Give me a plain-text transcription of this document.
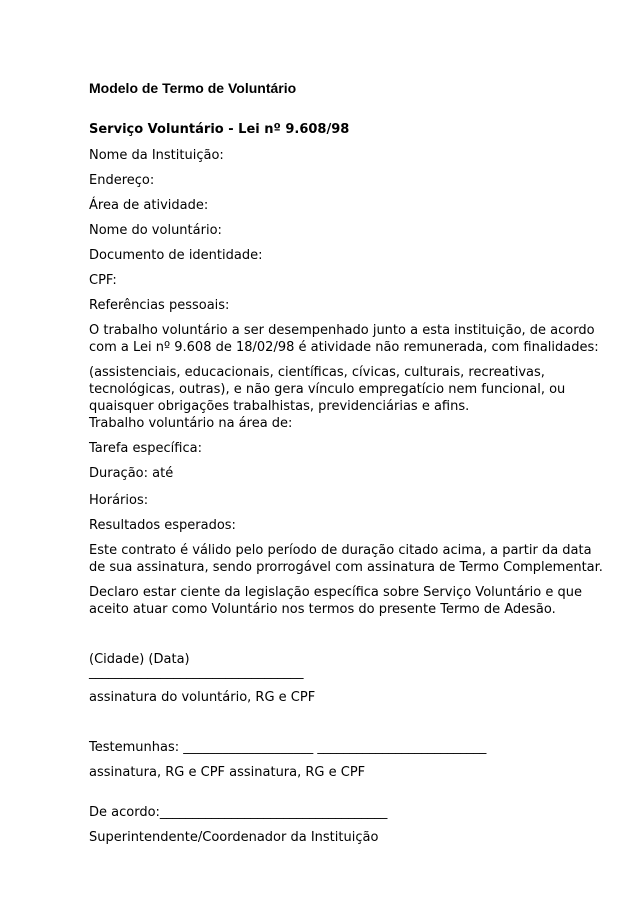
Modelo de Termo de Voluntário
Serviço Voluntário - Lei nº 9.608/98
Nome da Instituição:
Endereço:
Área de atividade:
Nome do voluntário:
Documento de identidade:
CPF:
Referências pessoais:
O trabalho voluntário a ser desempenhado junto a esta instituição, de acordo
com a Lei nº 9.608 de 18/02/98 é atividade não remunerada, com finalidades:
(assistenciais, educacionais, científicas, cívicas, culturais, recreativas,
tecnológicas, outras), e não gera vínculo empregatício nem funcional, ou
quaisquer obrigações trabalhistas, previdenciárias e afins.
Trabalho voluntário na área de:
Tarefa específica:
Duração: até
Horários:
Resultados esperados:
Este contrato é válido pelo período de duração citado acima, a partir da data
de sua assinatura, sendo prorrogável com assinatura de Termo Complementar.
Declaro estar ciente da legislação específica sobre Serviço Voluntário e que
aceito atuar como Voluntário nos termos do presente Termo de Adesão.
(Cidade) (Data)
_________________________________
assinatura do voluntário, RG e CPF
Testemunhas: ____________________ __________________________
assinatura, RG e CPF assinatura, RG e CPF
De acordo:___________________________________
Superintendente/Coordenador da Instituição
